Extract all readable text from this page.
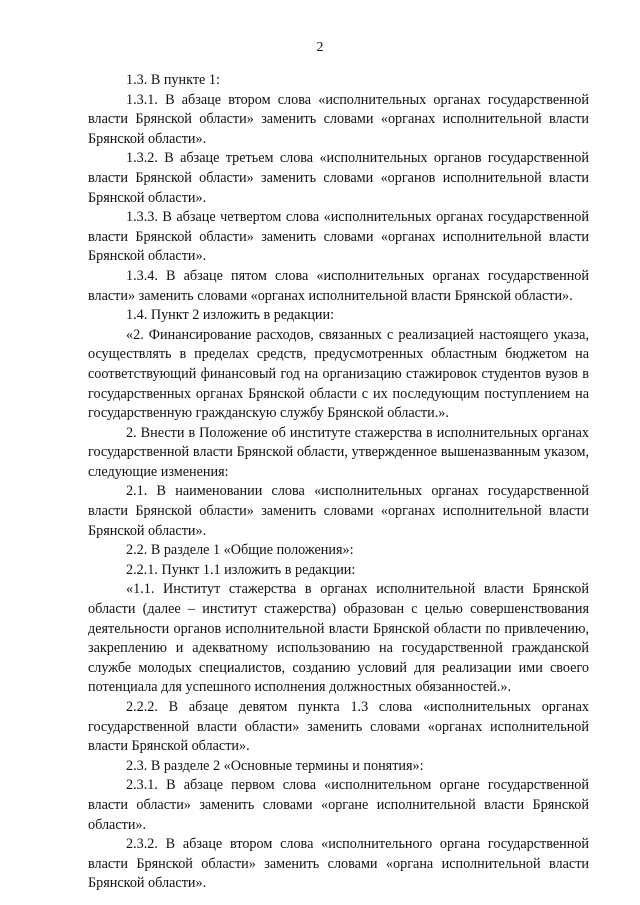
2

1.3. В пункте 1:

1.3.1. В абзаце втором слова «исполнительных органах государственной власти Брянской области» заменить словами «органах исполнительной власти Брянской области».

1.3.2. В абзаце третьем слова «исполнительных органов государственной власти Брянской области» заменить словами «органов исполнительной власти Брянской области».

1.3.3. В абзаце четвертом слова «исполнительных органах государственной власти Брянской области» заменить словами «органах исполнительной власти Брянской области».

1.3.4. В абзаце пятом слова «исполнительных органах государственной власти» заменить словами «органах исполнительной власти Брянской области».

1.4. Пункт 2 изложить в редакции:

«2. Финансирование расходов, связанных с реализацией настоящего указа, осуществлять в пределах средств, предусмотренных областным бюджетом на соответствующий финансовый год на организацию стажировок студентов вузов в государственных органах Брянской области с их последующим поступлением на государственную гражданскую службу Брянской области.».

2. Внести в Положение об институте стажерства в исполнительных органах государственной власти Брянской области, утвержденное вышеназванным указом, следующие изменения:

2.1. В наименовании слова «исполнительных органах государственной власти Брянской области» заменить словами «органах исполнительной власти Брянской области».

2.2. В разделе 1 «Общие положения»:

2.2.1. Пункт 1.1 изложить в редакции:

«1.1. Институт стажерства в органах исполнительной власти Брянской области (далее – институт стажерства) образован с целью совершенствования деятельности органов исполнительной власти Брянской области по привлечению, закреплению и адекватному использованию на государственной гражданской службе молодых специалистов, созданию условий для реализации ими своего потенциала для успешного исполнения должностных обязанностей.».

2.2.2. В абзаце девятом пункта 1.3 слова «исполнительных органах государственной власти области» заменить словами «органах исполнительной власти Брянской области».

2.3. В разделе 2 «Основные термины и понятия»:

2.3.1. В абзаце первом слова «исполнительном органе государственной власти области» заменить словами «органе исполнительной власти Брянской области».

2.3.2. В абзаце втором слова «исполнительного органа государственной власти Брянской области» заменить словами «органа исполнительной власти Брянской области».
